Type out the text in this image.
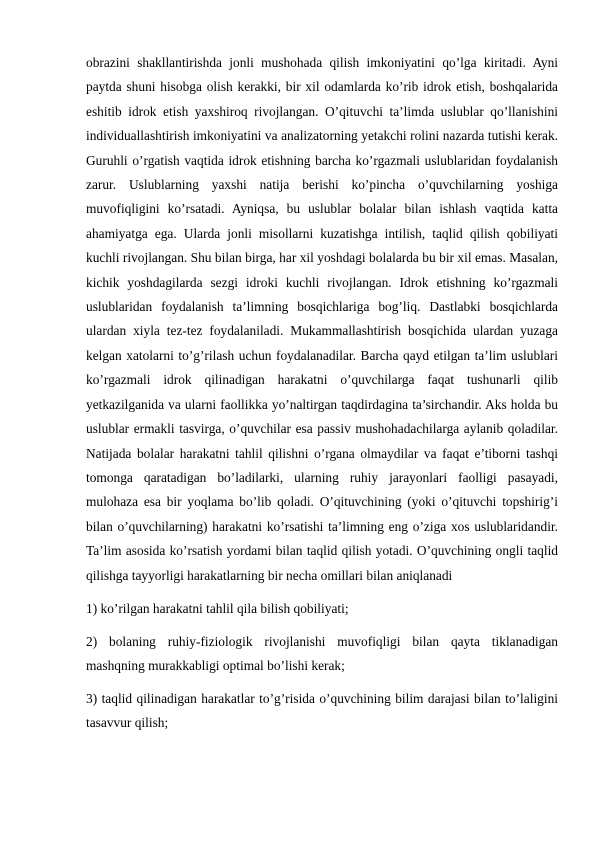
obrazini shakllantirishda jonli mushohada qilish imkoniyatini qo’lga kiritadi. Ayni paytda shuni hisobga olish kerakki, bir xil odamlarda ko’rib idrok etish, boshqalarida eshitib idrok etish yaxshiroq rivojlangan. O’qituvchi ta’limda uslublar qo’llanishini individuallashtirish imkoniyatini va analizatorning yetakchi rolini nazarda tutishi kerak. Guruhli o’rgatish vaqtida idrok etishning barcha ko’rgazmali uslublaridan foydalanish zarur. Uslublarning yaxshi natija berishi ko’pincha o’quvchilarning yoshiga muvofiqligini ko’rsatadi. Ayniqsa, bu uslublar bolalar bilan ishlash vaqtida katta ahamiyatga ega. Ularda jonli misollarni kuzatishga intilish, taqlid qilish qobiliyati kuchli rivojlangan. Shu bilan birga, har xil yoshdagi bolalarda bu bir xil emas. Masalan, kichik yoshdagilarda sezgi idroki kuchli rivojlangan. Idrok etishning ko’rgazmali uslublaridan foydalanish ta’limning bosqichlariga bog’liq. Dastlabki bosqichlarda ulardan xiyla tez-tez foydalaniladi. Mukammallashtirish bosqichida ulardan yuzaga kelgan xatolarni to’g’rilash uchun foydalanadilar. Barcha qayd etilgan ta’lim uslublari ko’rgazmali idrok qilinadigan harakatni o’quvchilarga faqat tushunarli qilib yetkazilganida va ularni faollikka yo’naltirgan taqdirdagina ta’sirchandir. Aks holda bu uslublar ermakli tasvirga, o’quvchilar esa passiv mushohadachilarga aylanib qoladilar. Natijada bolalar harakatni tahlil qilishni o’rgana olmaydilar va faqat e’tiborni tashqi tomonga qaratadigan bo’ladilarki, ularning ruhiy jarayonlari faolligi pasayadi, mulohaza esa bir yoqlama bo’lib qoladi. O’qituvchining (yoki o’qituvchi topshirig’i bilan o’quvchilarning) harakatni ko’rsatishi ta’limning eng o’ziga xos uslublaridandir. Ta’lim asosida ko’rsatish yordami bilan taqlid qilish yotadi. O’quvchining ongli taqlid qilishga tayyorligi harakatlarning bir necha omillari bilan aniqlanadi

1) ko’rilgan harakatni tahlil qila bilish qobiliyati;

2) bolaning ruhiy-fiziologik rivojlanishi muvofiqligi bilan qayta tiklanadigan mashqning murakkabligi optimal bo’lishi kerak;

3) taqlid qilinadigan harakatlar to’g’risida o’quvchining bilim darajasi bilan to’laligini tasavvur qilish;
